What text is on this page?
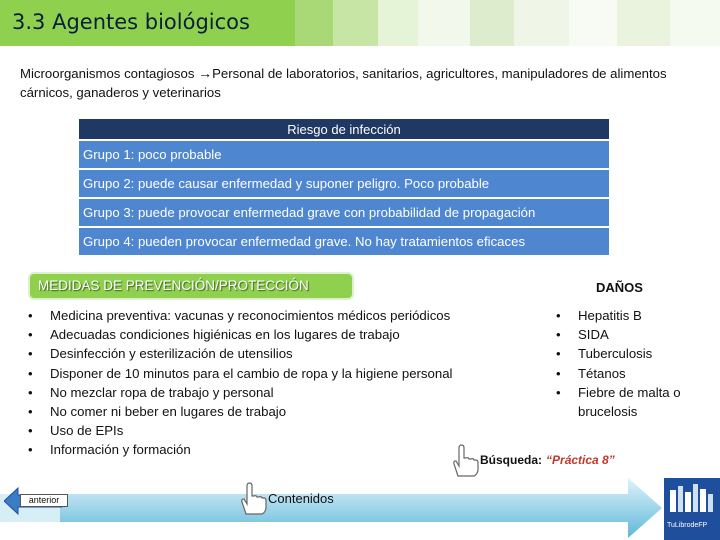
3.3 Agentes biológicos
Microorganismos contagiosos →Personal de laboratorios, sanitarios, agricultores, manipuladores de alimentos cárnicos, ganaderos y veterinarios
Riesgo de infección
Grupo 1: poco probable
Grupo 2: puede causar enfermedad y suponer peligro. Poco probable
Grupo 3: puede provocar enfermedad grave con probabilidad de propagación
Grupo 4: pueden provocar enfermedad grave. No hay tratamientos eficaces
MEDIDAS DE PREVENCIÓN/PROTECCIÓN
• Medicina preventiva: vacunas y reconocimientos médicos periódicos
• Adecuadas condiciones higiénicas en los lugares de trabajo
• Desinfección y esterilización de utensilios
• Disponer de 10 minutos para el cambio de ropa y la higiene personal
• No mezclar ropa de trabajo y personal
• No comer ni beber en lugares de trabajo
• Uso de EPIs
• Información y formación
DAÑOS
• Hepatitis B
• SIDA
• Tuberculosis
• Tétanos
• Fiebre de malta o brucelosis
Búsqueda: “Práctica 8”
anterior	Contenidos
TuLibrodeFP
